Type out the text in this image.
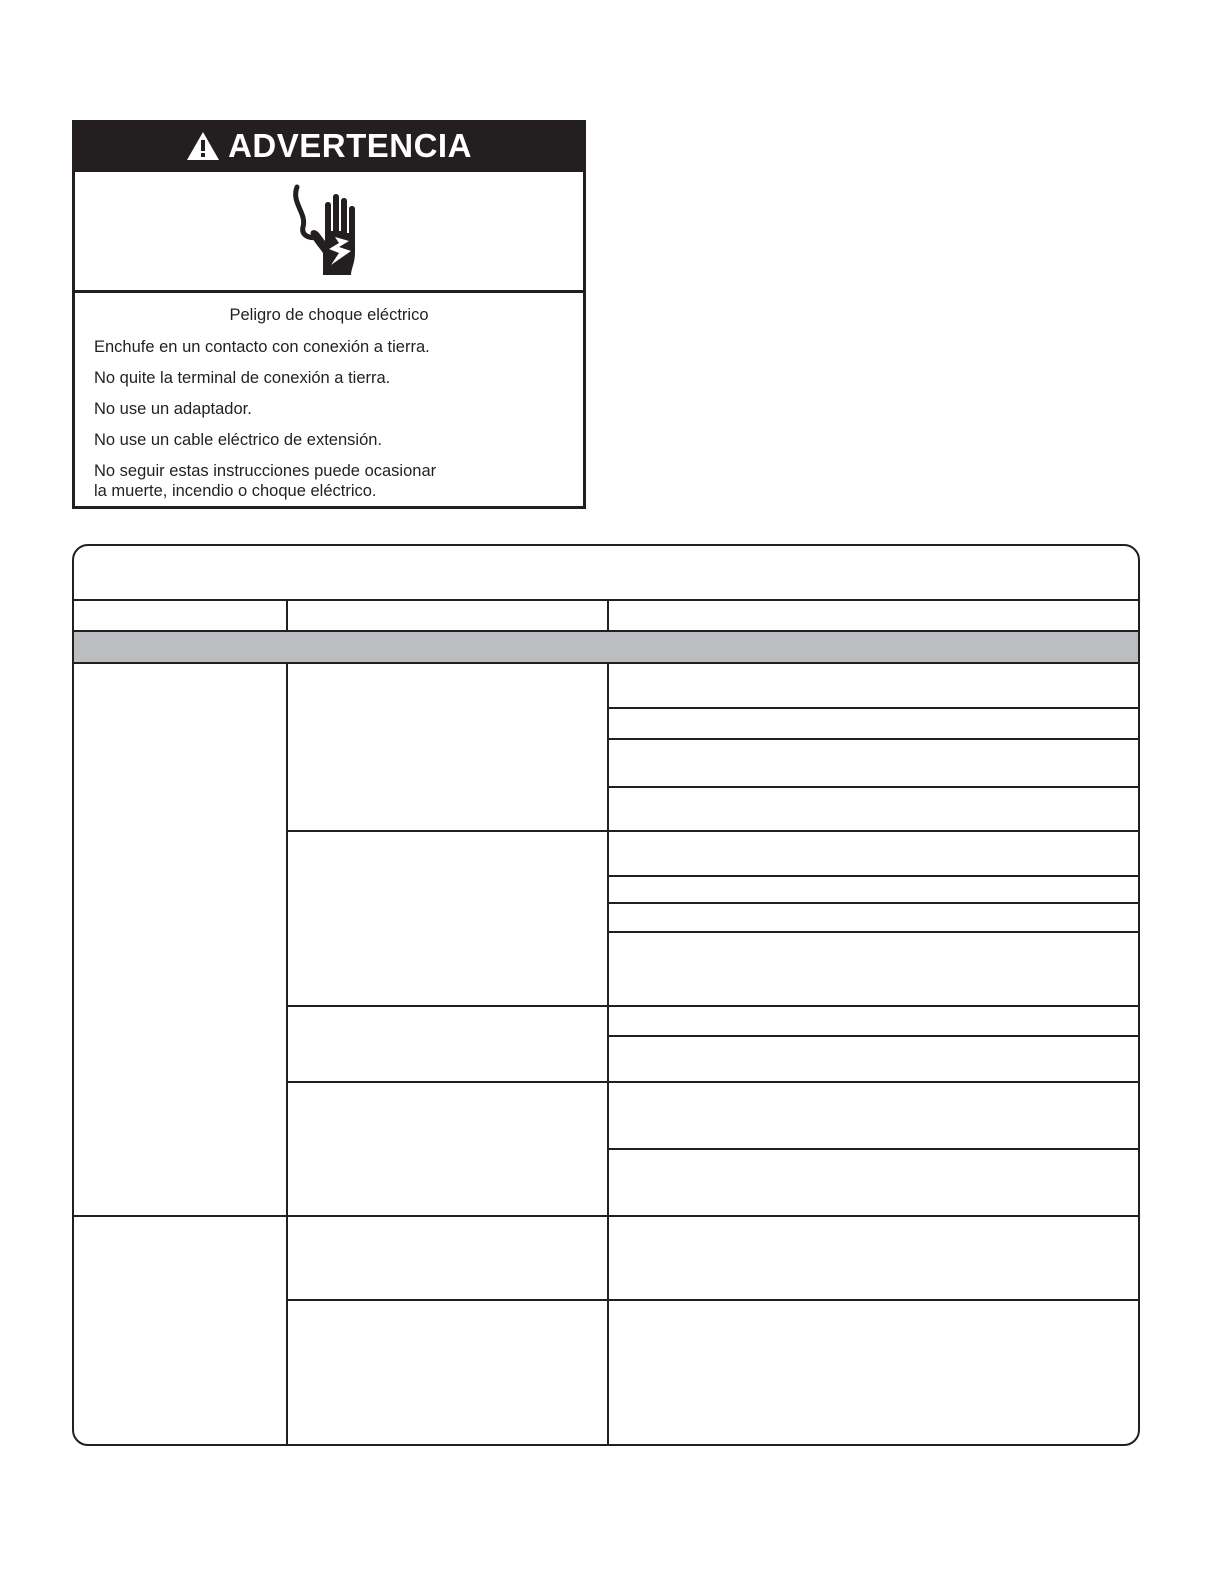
ADVERTENCIA

Peligro de choque eléctrico

Enchufe en un contacto con conexión a tierra.

No quite la terminal de conexión a tierra.

No use un adaptador.

No use un cable eléctrico de extensión.

No seguir estas instrucciones puede ocasionar

la muerte, incendio o choque eléctrico.
